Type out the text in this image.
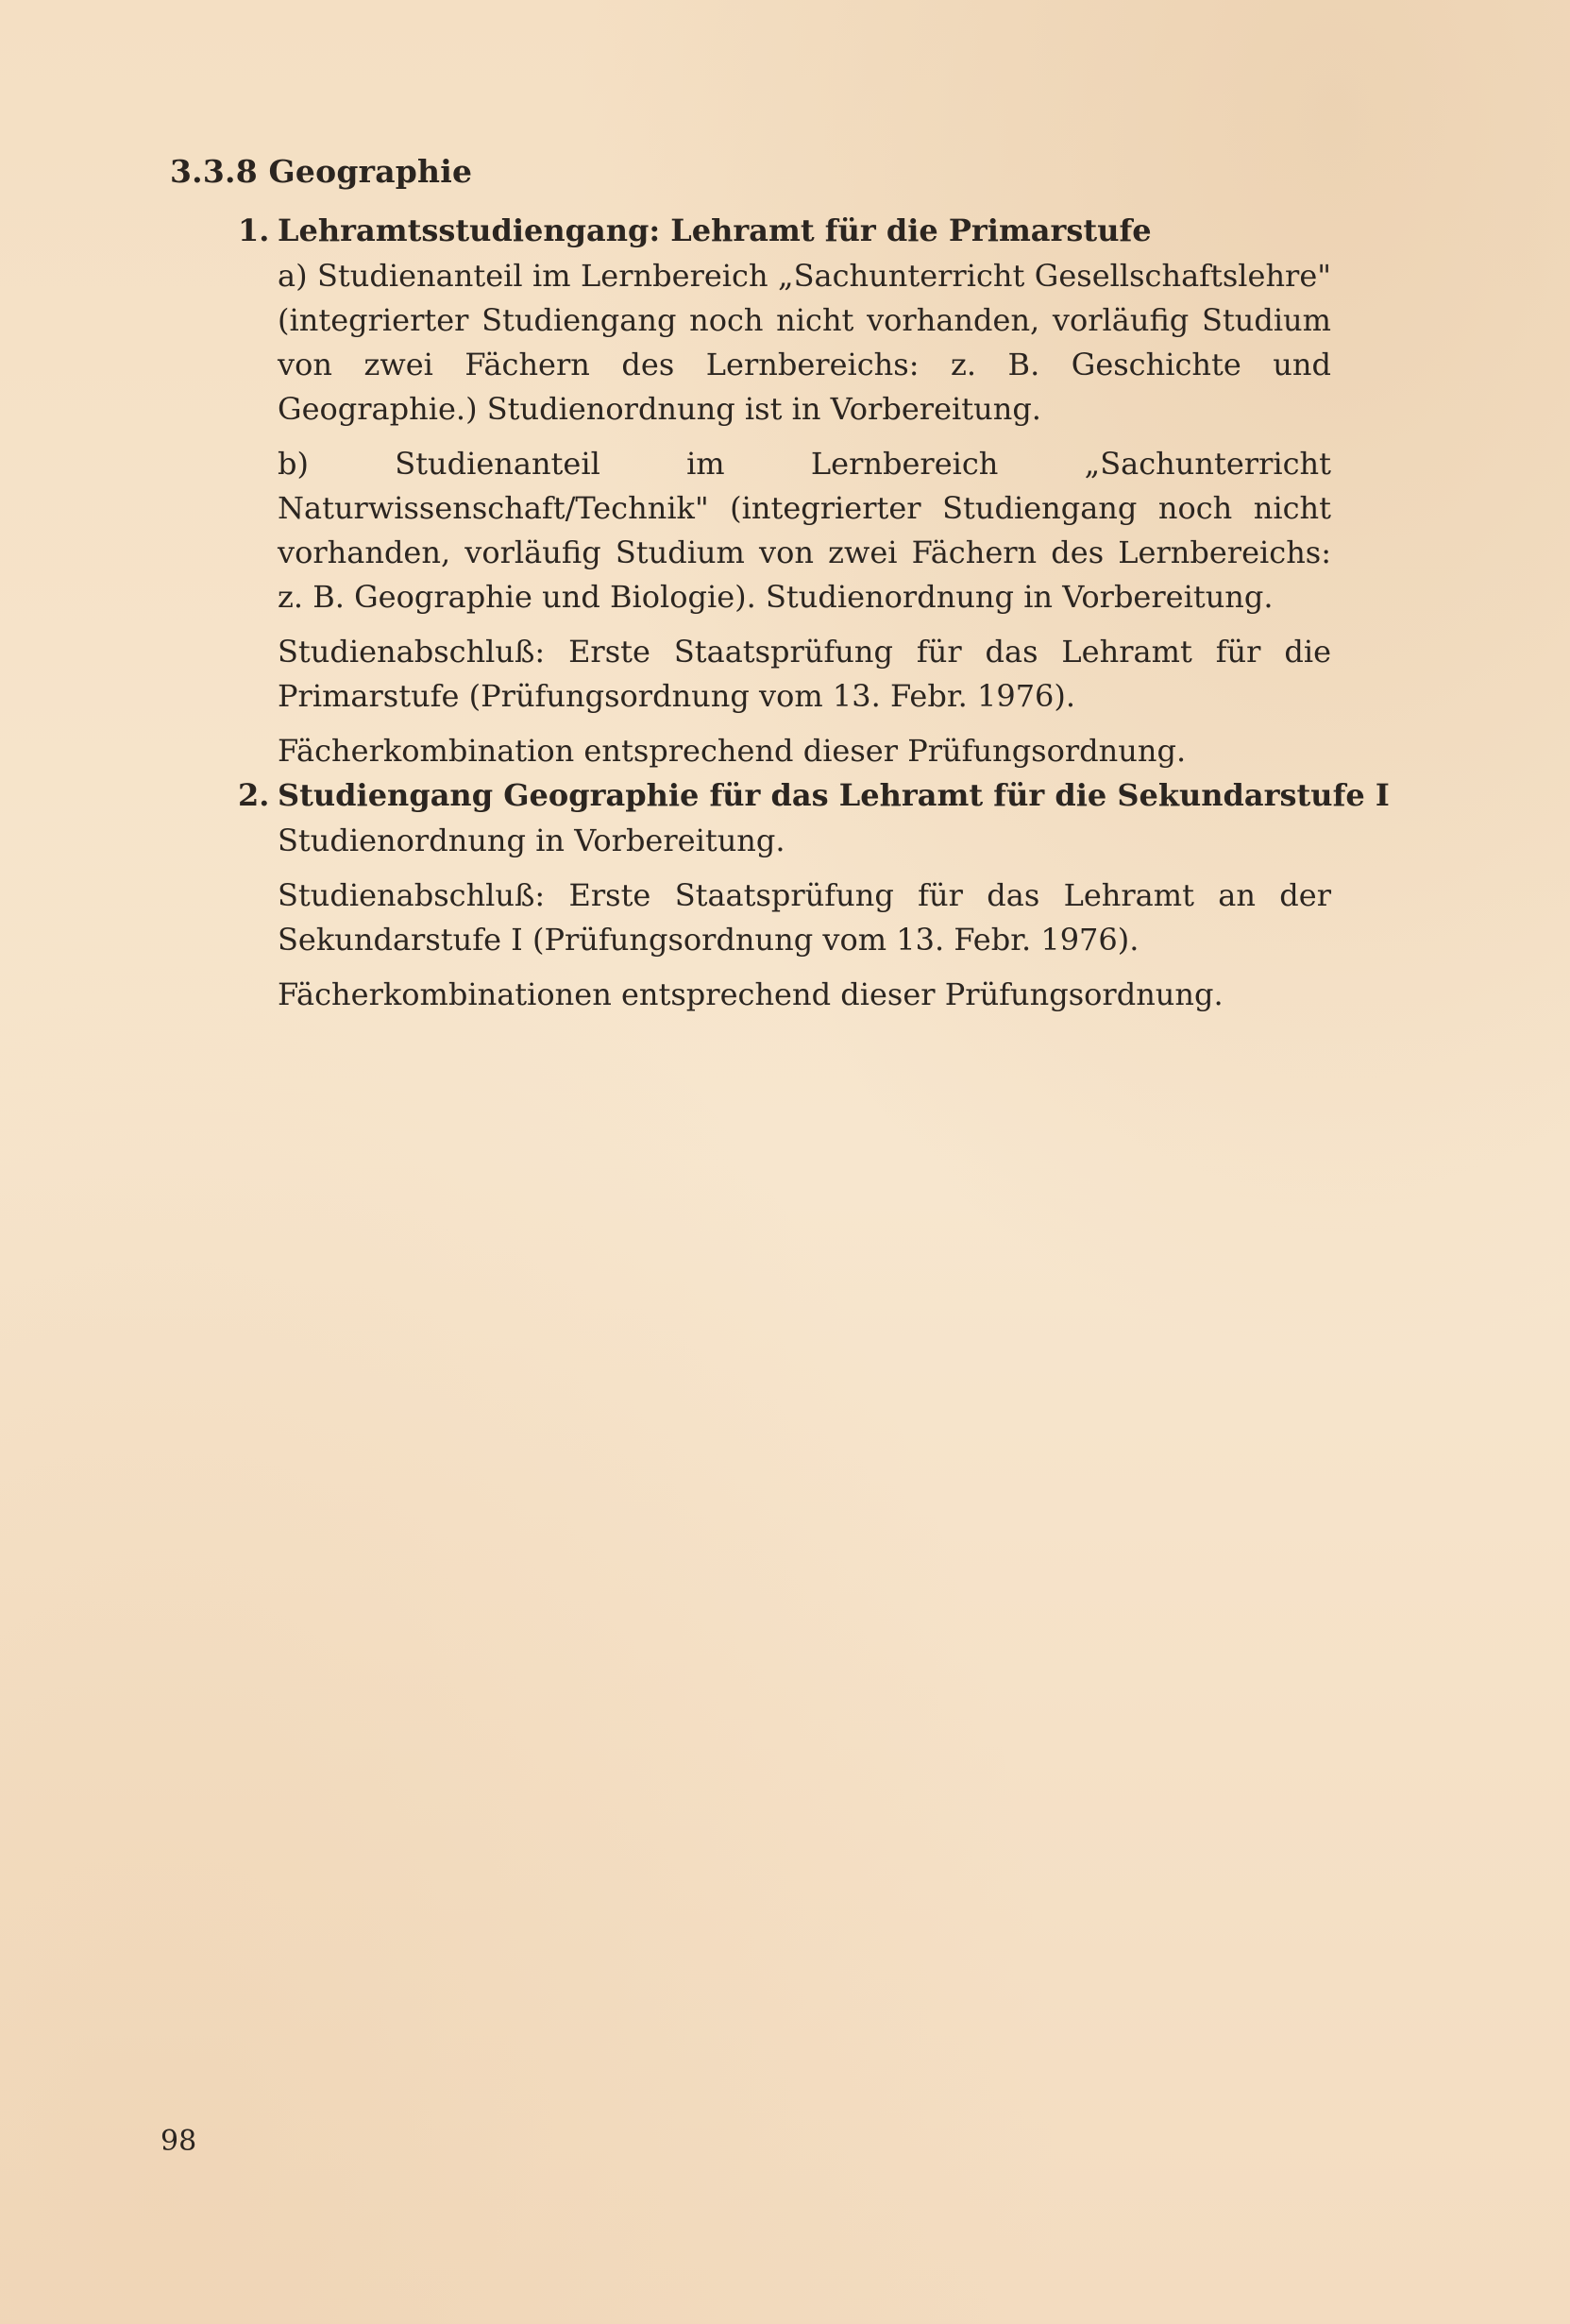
3.3.8 Geographie
1. Lehramtsstudiengang: Lehramt für die Primarstufe
a) Studienanteil im Lernbereich „Sachunterricht Gesellschaftslehre" (integrierter Studiengang noch nicht vorhanden, vorläufig Studium von zwei Fächern des Lernbereichs: z. B. Geschichte und Geographie.) Studienordnung ist in Vorbereitung.
b) Studienanteil im Lernbereich „Sachunterricht Naturwissenschaft/Technik" (integrierter Studiengang noch nicht vorhanden, vorläufig Studium von zwei Fächern des Lernbereichs: z. B. Geographie und Biologie). Studienordnung in Vorbereitung.
Studienabschluß: Erste Staatsprüfung für das Lehramt für die Primarstufe (Prüfungsordnung vom 13. Febr. 1976).
Fächerkombination entsprechend dieser Prüfungsordnung.
2. Studiengang Geographie für das Lehramt für die Sekundarstufe I
Studienordnung in Vorbereitung.
Studienabschluß: Erste Staatsprüfung für das Lehramt an der Sekundarstufe I (Prüfungsordnung vom 13. Febr. 1976).
Fächerkombinationen entsprechend dieser Prüfungsordnung.
98
